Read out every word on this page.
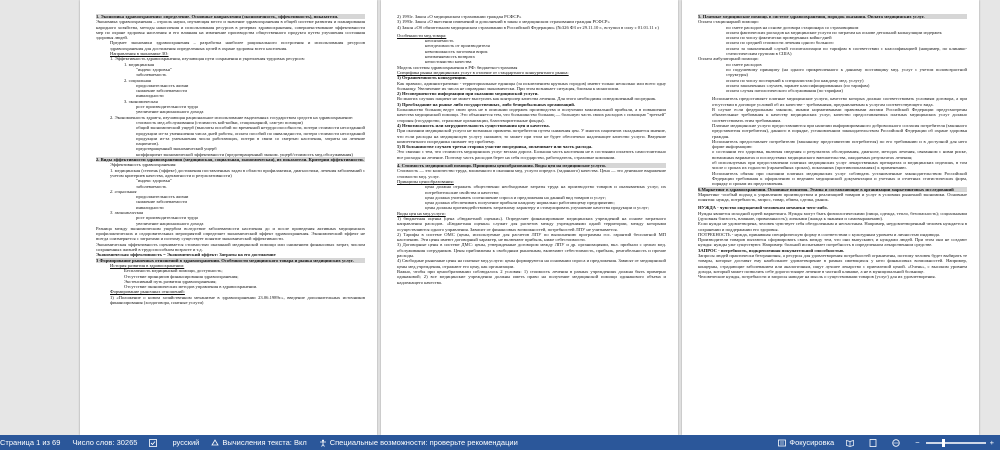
1. Экономика здравоохранения: определение. Основные направления (экономичность, эффективность), показатели.

Экономика здравоохранения – отрасль науки, изучающая место и значение здравоохранения в общей системе развития и планирования народного хозяйства, методы накопления и использования ресурсов в резервах здравоохранения, совершенствование эффективности мер по охране здоровья населения и его влияния на изменение производства общественного продукта путем улучшения состояния здоровья людей.

Предмет экономики здравоохранения – разработка наиболее рационального построения и использования ресурсов здравоохранения для достижения определенных целей в охране здоровья всего населения.

Направления в экономике ЗО:

1. Эффективность здравоохранения, изучающая пути сохранения и укрепления трудовых ресурсов:

1. медицинская

"индекс здоровья"

заболеваемость

2. социальная

продолжительность жизни

снижение заболеваемости

инвалидности

3. экономическая

рост производительности труда

увеличение национального дохода

2. Экономичность здрав-я, изучающая рациональное использование выделенных государством средств на здравоохранение:

стоимость мед.обслуживания (стоимость кой-койки, стационарной, сам-ую позиции)

общий экономический ущерб (выплаты пособий по временной нетрудоспособности, потери стоимости несозданной продукции из-за уменьшения числа дней работы, оплата пособий по инвалидности, потери стоимости несозданной продукции из-за уменьшения числа работающих, потери в связи со смертью населения, затраты на лечение пациентов).

предотвращенный экономический ущерб

коэффициент экономической эффективности (предотвращенный эконом. ущерб/стоимость мед.обслуживания)

2. Виды эффективности здравоохранения (медицинская, социальная, экономическая), их показатели. Критерии эффективности.

Эффективность здравоохранения:

1. медицинская (степень (эффект) достижения поставленных задач в области профилактики, диагностики, лечения заболеваний с учетом критериев качества, адекватности и результативности)

"индекс здоровья"

заболеваемость

2. социальная

продолжительность жизни

снижение заболеваемости

инвалидности

3. экономическая

рост производительности труда

увеличение национального дохода

Разница между экономическим ущербом вследствие заболеваемости населения до и после проведения активных медицинских профилактических и оздоровительных мероприятий определяет экономический эффект здравоохранения. Экономический эффект не всегда соизмеряется с затратами и поэтому существует понятие экономической эффективности.

Экономическая эффективность оценивается стоимостью оказанной медицинской помощи или снижением финансовых затрат, числом сохраненных жизней в трудоспособном возрасте и т.д.

Экономическая эффективность = Экономический эффект: Затраты на его достижение

3 Формирование рыночных отношений в здравоохранении. Особенности медицинского товара и рынка медицинских услуг.

История развития в здравоохранении:

Бесплатность медицинской помощи, доступность;

Отсутствие принципов финансирования здравоохранения;

Экстенсивный путь развития здравоохранения;

Отсутствие экономических методов управления в здравоохранении.

Формирование рыночных отношений:

1) «Положение о новом хозяйственном механизме в здравоохранении 23.06.1989г.», введение дополнительных источников финансирования (хоздоговора, платные услуги)

2) 1991г. Закон «О медицинском страховании граждан РСФСР»

3) 1993г. Закон «О внесении изменений и дополнений в закон о медицинском страховании граждан РСФСР»

4) Закон «Об обязательном медицинском страховании в Российской Федерации» (№326 ФЗ от 29.11.10 г., вступил в силу с 01.01.11 г.)

Особенности мед.товара:

неосязаемость

неотделимость от производителя

невозможность заготовки впрок

неизменяемость возврата

непостоянство качества

Модель системы здравоохранения в РФ: бюджетно-страховая

Специфика рынка медицинских услуг в отличие от стандартного конкурентного рынка:

1) Ограниченность конкуренции.

Как правило, административно - территориальные единицы (за исключением крупных городов) имеют только несколько или всего одну больницу. Увеличение их числа не оправдано экономически. При этом возникает ситуация, близкая к монополии.

2) Несовершенство информации при оказании медицинской услуги.

Во многих случаях пациент не может выступать как контролер качества лечения. Для этого необходимы осведомленный посредник.

3) Преобладание на рынке либо государственных, либо безприбыльных организаций.

Большинство больниц ведут свою цель не в описании издержек производства и получении максимальной прибыли, а в повышении качества медицинской помощи. Это объясняется тем, что большинство больниц — большую часть своих расходов с помощью "третьей" стороны (государство, страховые организации, благотворительные фонды).

4) Невозможность или затруднительность существования цен и качества.

При оказании медицинской услуги не возможно привлечь потребителя путем снижения цен. У многих пациентов складывается мнение, что если расходы на медицинскую услугу снижают, то может при этом не будет обеспечено надлежащее качество услуги. Введение компетентного посредника снимает эту проблему.

5) В большинстве случаев третья сторона участие посредника, оплачивает или часть расхода.

Это связано с тем, что стоимость медицинских услуг весьма дорога. Большая часть населения не в состоянии оплатить самостоятельно все расходы на лечение. Поэтому часть расходов берет на себя государство, работодатель, страховые компании.

4. Стоимость медицинской помощи. Принципы ценообразования. Виды цен на медицинские услуги.

Стоимость — это количество труда, вложенного в оказания мед. услуги определ. (заданного) качества. Цена — это денежное выражение стоимости мед. услуг.

Принципы ценообразования:

цена должна отражать общественно необходимые затраты труда на производство товаров и оказываемых услуг, их потребительские свойства и качество;

цена должна учитывать соотношение спроса и предложения на данный вид товаров и услуг;

цена должна обеспечивать получение прибыли каждому нормально работающему предприятию;

цены должны противодействовать затратному характеру и стимулировать улучшение качества продукции и услуг;

Виды цен на мед.услуги:

1) бюджетная оценка (цена «бюджетной оценки»). Определяет финансирование медицинских учреждений на основе затратного направления расходов. «Бюджетная оценка» служит для расчетов между учреждениями одной территории, между которыми осуществляются одного управления. Зависит от финансовых возможностей, потребностей ЛПУ не учитывается.

2) Тарифы в системе ОМС (цены, используемые для расчетов ЛПУ по выполнению программы гос. гарантий бесплатной МП населению. Эти цены имеют договорный характер, не включают прибыль, ниже себестоимости.

3) Договорные цены в системе ДМС: цены, утвержденные договором между ЛПУ и др. организациями, вкл. прибыли с целью мед. обслуживания сотрудников. Цены приближены к свободным рыночным, включают себестоимость, прибыль, рентабельность и прочие расходы.

4) Свободные рыночные цены на платные мед.услуги: цены формируются на основании спроса и предложения. Зависят от медицинской цены мед.учреждения, отражают его цену, как организации.

Важно, чтобы при ценообразовании соблюдалось 2 условия: 1) стоимость лечения в разных учреждениях должна быть примерно одинаковой; 2) все медицинские учреждения должны иметь право на получение медицинской помощи одинакового объема и надлежащего качества.

5. Платные медицинские помощь в системе здравоохранения, порядок оказания. Оплата медицинских услуг.

Оплата стационарной помощи:

по смете расходов на основе договора стационара со страховщиком

оплата фактических расходов на медицинские услуги по затратам на основе детальной калькуляции издержек

оплата по числу фактически проведенных койко-дней

оплата по средней стоимости лечения одного больного

оплата за законченный случай госпитализации по тарифам в соответствии с классификацией (например, по клинико-статистическим группам в США)

Оплата амбулаторной помощи:

по смете расходов

по подушевому принципу (на одного прикрепленного к данному поставщику мед. услуг с учетом половозрастной структуры)

оплата по числу посещений к специалистам (по каждому мед. услугу)

оплата законченных случаев, заранее классифицированных (по тарифам)

оплата случая патологического обслуживания (по тарифам)

Исполнитель предоставляет платные медицинские услуги, качество которых должно соответствовать условиям договора, а при отсутствии в договоре условий об их качестве - требованиям, предъявляемым к услугам соответствующего вида.

В случае если федеральным законом, иными нормативными правовыми актами Российской Федерации предусмотрены обязательные требования к качеству медицинских услуг, качество предоставляемых платных медицинских услуг должно соответствовать этим требованиям.

Платные медицинские услуги предоставляются при наличии информированного добровольного согласия потребителя (законного представителя потребителя), данного в порядке, установленном законодательством Российской Федерации об охране здоровья граждан.

Исполнитель предоставляет потребителю (законному представителю потребителя) по его требованию и в доступной для него форме информацию:

о состоянии его здоровья, включая сведения о результатах обследования, диагнозе, методах лечения, связанном с ними риске, возможных вариантах и последствиях медицинского вмешательства, ожидаемых результатах лечения;

об используемых при предоставлении платных медицинских услуг лекарственных препаратах и медицинских изделиях, в том числе о сроках их годности (гарантийных сроках), показаниях (противопоказаниях) к применению.

Исполнитель обязан при оказании платных медицинских услуг соблюдать установленные законодательством Российской Федерации требования к оформлению и ведению медицинской документации и учетных и отчетных статистических форм, порядку и срокам их представления.

6.Маркетинг в здравоохранении. Основные понятия. Этапы и составляющие в организации маркетинговых исследований

Маркетинг -особый подход к управлению производством и реализацией товаров и услуг в условиях рыночной экономики. Основные понятия: нужда, потребность, запрос, товар, обмен, сделка, рынок.

НУЖДА - чувство ощущаемой человеком нехватки чего-либо.

Нужды является исходной идеей маркетинга. Нужды могут быть физиологическими (пища, одежда, тепло, безопасность); социальными (духовная близость, влияние, привязанность); личными (жажда к знаниям и самовыражению).

Если нужда не удовлетворена, человек чувствует себя обездоленным и несчастным. Например, неудовлетворенный человек нуждается в сохранении и поддержании его здоровья.

ПОТРЕБНОСТЬ - нужда, принявшая специфическую форму в соответствии с культурным уровнем и личностью индивида.

Производители товаров пытаются сформировать связь между тем, что они выпускают, и нуждами людей. При этом они не создают нужды: нужды уже существуют. Например: больной испытывает потребность в определенном лекарственном средстве.

ЗАПРОС - потребность, подкрепленная покупательной способностью.

Запросы людей практически безграничны, а ресурсы для удовлетворения потребностей ограничены, поэтому человек будет выбирать те товары, которые доставят ему наибольшее удовлетворение в рамках имеющихся у него финансовых возможностей. Например, концерны, страдающие заболеванием или аналогичным, ищут лучшее лекарство с приемлемой ценой. «Очень», с высоким уровнем дохода, который может позволить себе дорогостоящее лечение в частной клинике, а не в муниципальной больнице.

Человеческие нужды, потребности и запросы наводят на мысль о существовании товаров (услуг) для их удовлетворения.

Страница 1 из 69 Число слов: 30265	русский	Вычисления текста: Вкл	Специальные возможности: проверьте рекомендации	Фокусировка	−	+
